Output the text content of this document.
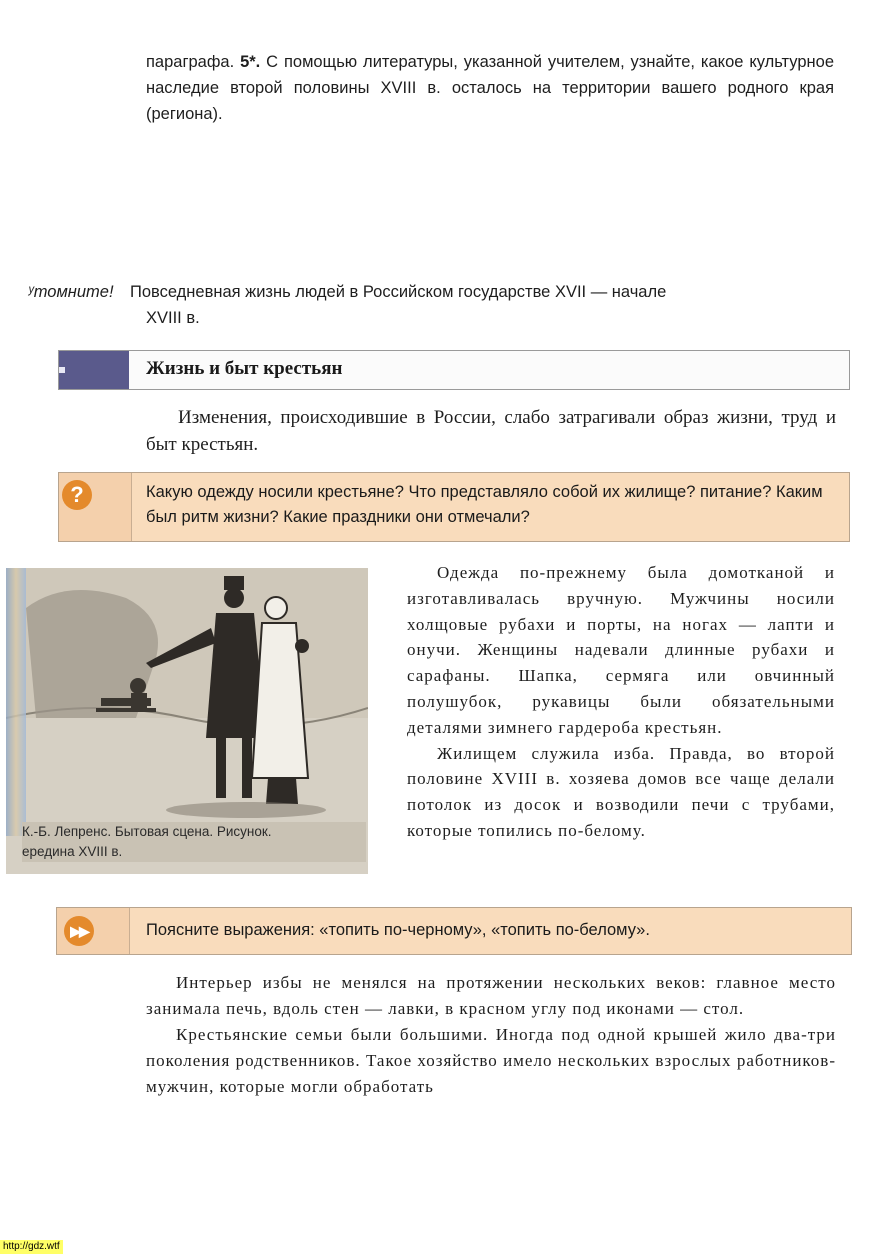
параграфа. 5*. С помощью литературы, указанной учителем, узнайте, какое культурное наследие второй половины XVIII в. осталось на территории вашего родного края (региона).
ʸтомните! Повседневная жизнь людей в Российском государстве XVII — начале
XVIII в.
Жизнь и быт крестьян
Изменения, происходившие в России, слабо затрагивали образ жизни, труд и быт крестьян.
?	Какую одежду носили крестьяне? Что представляло собой их жилище? питание? Каким был ритм жизни? Какие праздники они отмечали?
К.-Б. Лепренс. Бытовая сцена. Рисунок.
ередина XVIII в.

Одежда по-прежнему была домотканой и изготавливалась вручную. Мужчины носили холщовые рубахи и порты, на ногах — лапти и онучи. Женщины надевали длинные рубахи и сарафаны. Шапка, сермяга или овчинный полушубок, рукавицы были обязательными деталями зимнего гардероба крестьян.

Жилищем служила изба. Правда, во второй половине XVIII в. хозяева домов все чаще делали потолок из досок и возводили печи с трубами, которые топились по-белому.

▶▶	Поясните выражения: «топить по-черному», «топить по-белому».

Интерьер избы не менялся на протяжении нескольких веков: главное место занимала печь, вдоль стен — лавки, в красном углу под иконами — стол.

Крестьянские семьи были большими. Иногда под одной крышей жило два-три поколения родственников. Такое хозяйство имело нескольких взрослых работников-мужчин, которые могли обработать

http://gdz.wtf
